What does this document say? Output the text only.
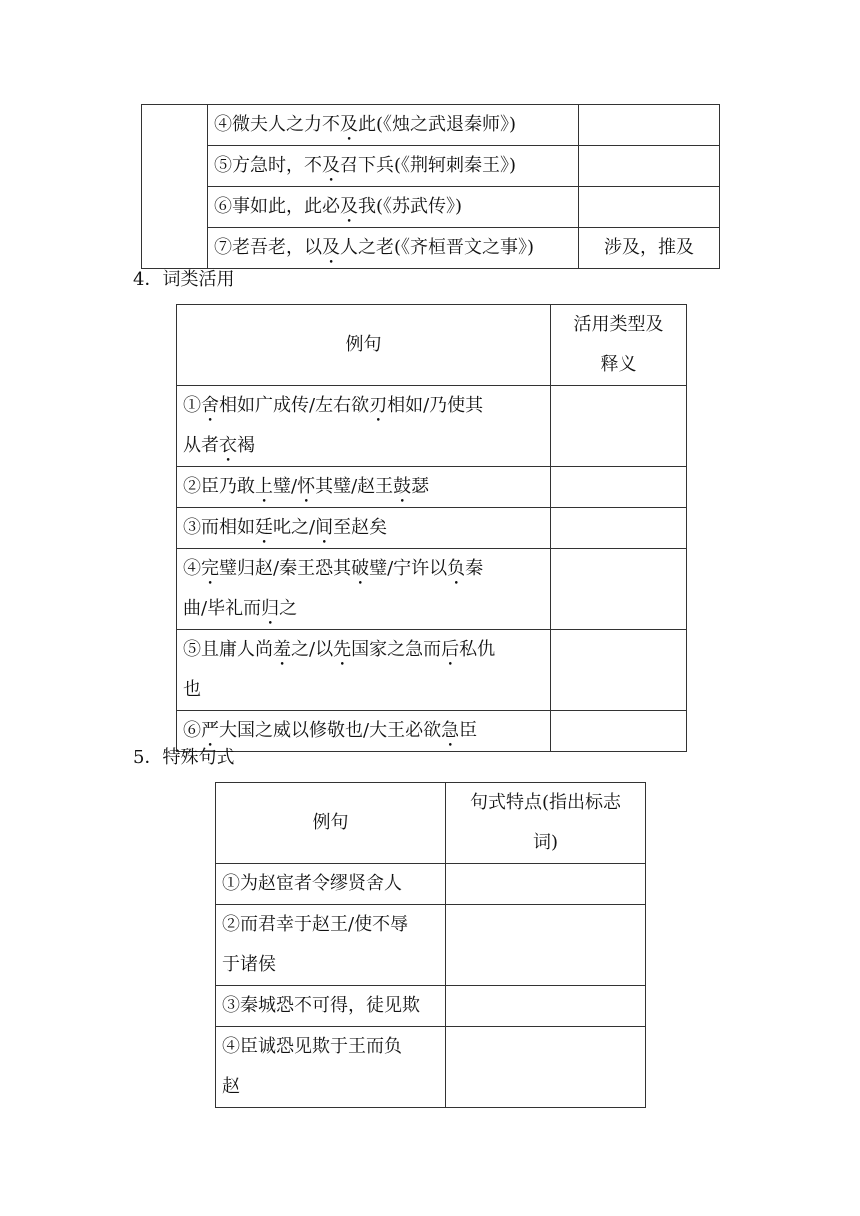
	④微夫人之力不及此(《烛之武退秦师》)	
	⑤方急时，不及召下兵(《荆轲刺秦王》)	
	⑥事如此，此必及我(《苏武传》)	
	⑦老吾老，以及人之老(《齐桓晋文之事》)	涉及，推及
4．词类活用
例句	活用类型及释义

①舍相如广成传/左右欲刃相如/乃使其
从者衣褐	

②臣乃敢上璧/怀其璧/赵王鼓瑟	

③而相如廷叱之/间至赵矣	

④完璧归赵/秦王恐其破璧/宁许以负秦
曲/毕礼而归之	

⑤且庸人尚羞之/以先国家之急而后私仇
也	

⑥严大国之威以修敬也/大王必欲急臣	

5．特殊句式
例句	句式特点(指出标志
词)

①为赵宦者令缪贤舍人	

②而君幸于赵王/使不辱
于诸侯	

③秦城恐不可得，徒见欺	

④臣诚恐见欺于王而负
赵	
